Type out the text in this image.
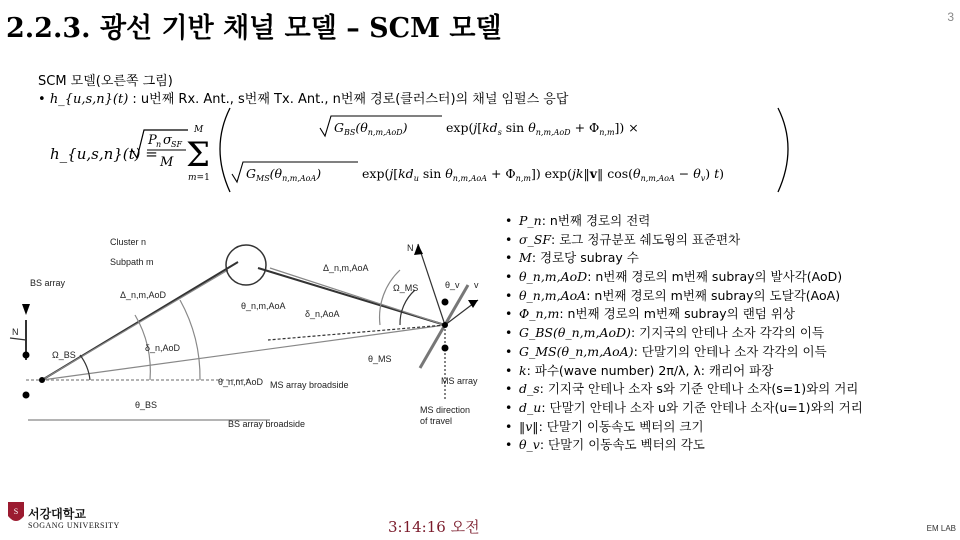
2.2.3. 광선 기반 채널 모델 – SCM 모델	3
SCM 모델(오른쪽 그림)
• h_{u,s,n}(t) : u번째 Rx. Ant., s번째 Tx. Ant., n번째 경로(클러스터)의 채널 임펄스 응답
h_{u,s,n}(t) =
P n σ SF
M
M
Σ
m=1
$G_{BS}(\theta_{n,m,AoD})$	$\exp(j[kd_s$ $\sin \theta_{n,m,AoD} + \Phi_{n,m}$]) ×
$G_{MS}(\theta_{n,m,AoA})$	$\exp(j[kd_u$ $\sin \theta_{n,m,AoA} + \Phi_{n,m}$]) exp(jk‖v‖ $\cos(\theta_{n,m,AoA} - \theta_v)$ t)
Cluster n
Subpath m
BS array
N
N
v
Ω_BS
Ω_MS	θ_v
Δ_n,m,AoD
Δ_n,m,AoA
δ_n,AoD
δ_n,AoA
θ_n,m,AoA
θ_n,m,AoD
θ_MS
θ_BS
MS array broadside
BS array broadside
MS array
MS direction of travel
• P_n: n번째 경로의 전력
• σ_SF: 로그 정규분포 쉐도윙의 표준편차
• M: 경로당 subray 수
• θ_n,m,AoD: n번째 경로의 m번째 subray의 발사각(AoD)
• θ_n,m,AoA: n번째 경로의 m번째 subray의 도달각(AoA)
• Φ_n,m: n번째 경로의 m번째 subray의 랜덤 위상
• G_BS(θ_n,m,AoD): 기지국의 안테나 소자 각각의 이득
• G_MS(θ_n,m,AoA): 단말기의 안테나 소자 각각의 이득
• k: 파수(wave number) 2π/λ, λ: 캐리어 파장
• d_s: 기지국 안테나 소자 s와 기준 안테나 소자(s=1)와의 거리
• d_u: 단말기 안테나 소자 u와 기준 안테나 소자(u=1)와의 거리
• ‖v‖: 단말기 이동속도 벡터의 크기
• θ_v: 단말기 이동속도 벡터의 각도
S 서강대학교
SOGANG UNIVERSITY	3:14:16 오전	EM LAB
